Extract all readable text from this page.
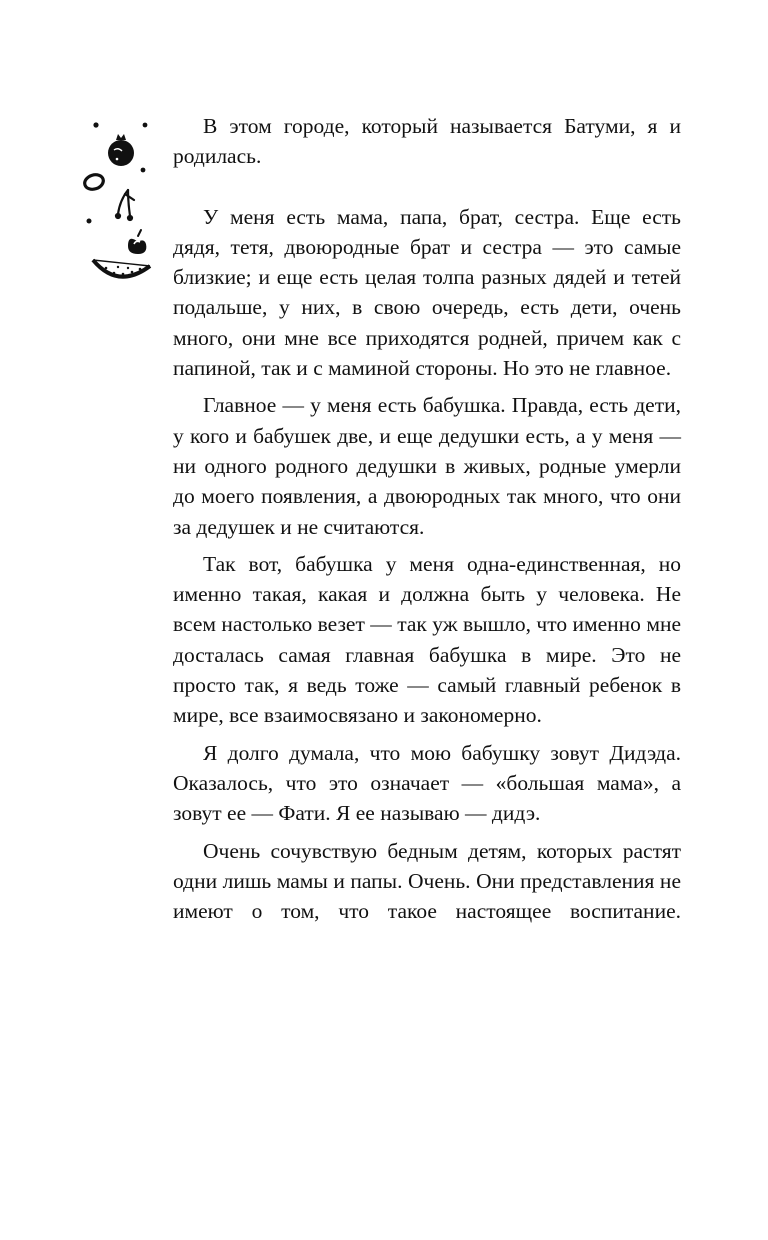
В этом городе, который называется Батуми, я и родилась.

У меня есть мама, папа, брат, сестра. Еще есть дядя, тетя, двоюродные брат и сестра — это самые близкие; и еще есть целая толпа разных дядей и тетей подальше, у них, в свою очередь, есть дети, очень много, они мне все приходятся родней, причем как с папиной, так и с маминой стороны. Но это не главное.

Главное — у меня есть бабушка. Правда, есть дети, у кого и бабушек две, и еще дедушки есть, а у меня — ни одного родного дедушки в живых, родные умерли до моего появления, а двоюродных так много, что они за дедушек и не считаются.

Так вот, бабушка у меня одна-единственная, но именно такая, какая и должна быть у человека. Не всем настолько везет — так уж вышло, что именно мне досталась самая главная бабушка в мире. Это не просто так, я ведь тоже — самый главный ребенок в мире, все взаимосвязано и закономерно.

Я долго думала, что мою бабушку зовут Дидэда. Оказалось, что это означает — «большая мама», а зовут ее — Фати. Я ее называю — дидэ.

Очень сочувствую бедным детям, которых растят одни лишь мамы и папы. Очень. Они представления не имеют о том, что такое настоящее воспитание.
